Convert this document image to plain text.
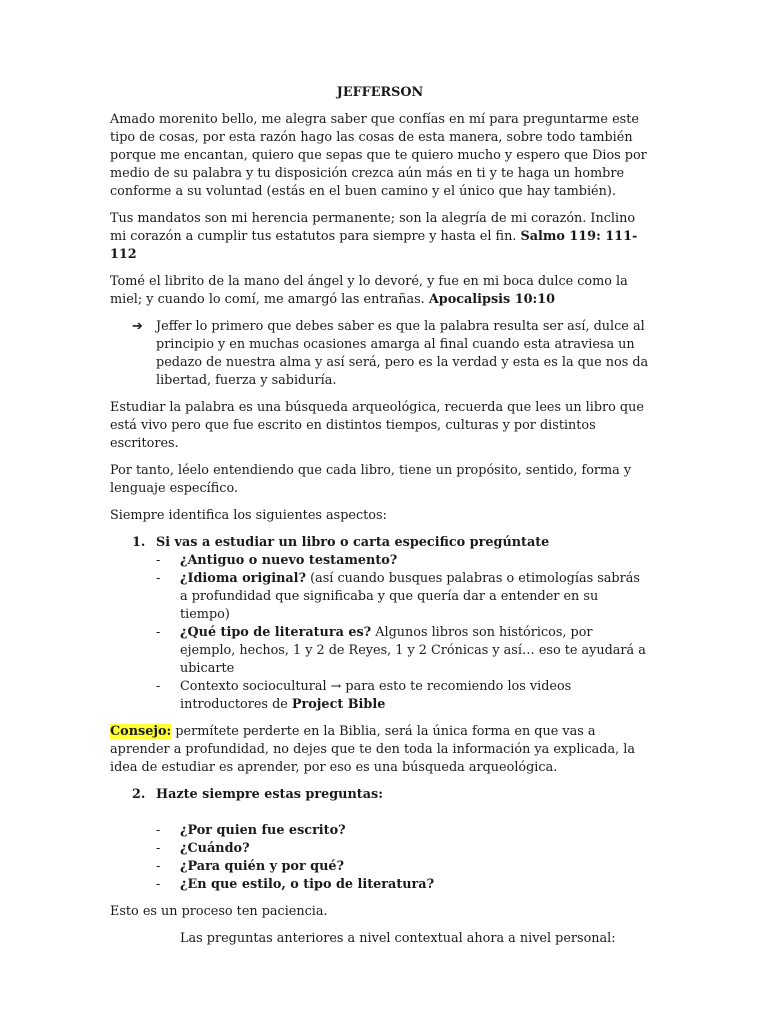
JEFFERSON

Amado morenito bello, me alegra saber que confías en mí para preguntarme este tipo de cosas, por esta razón hago las cosas de esta manera, sobre todo también porque me encantan, quiero que sepas que te quiero mucho y espero que Dios por medio de su palabra y tu disposición crezca aún más en ti y te haga un hombre conforme a su voluntad (estás en el buen camino y el único que hay también).

Tus mandatos son mi herencia permanente; son la alegría de mi corazón. Inclino mi corazón a cumplir tus estatutos para siempre y hasta el fin. Salmo 119: 111-112

Tomé el librito de la mano del ángel y lo devoré, y fue en mi boca dulce como la miel; y cuando lo comí, me amargó las entrañas. Apocalipsis 10:10

➔ Jeffer lo primero que debes saber es que la palabra resulta ser así, dulce al principio y en muchas ocasiones amarga al final cuando esta atraviesa un pedazo de nuestra alma y así será, pero es la verdad y esta es la que nos da libertad, fuerza y sabiduría.

Estudiar la palabra es una búsqueda arqueológica, recuerda que lees un libro que está vivo pero que fue escrito en distintos tiempos, culturas y por distintos escritores.

Por tanto, léelo entendiendo que cada libro, tiene un propósito, sentido, forma y lenguaje específico.

Siempre identifica los siguientes aspectos:

1. Si vas a estudiar un libro o carta especifico pregúntate
- ¿Antiguo o nuevo testamento?
- ¿Idioma original? (así cuando busques palabras o etimologías sabrás a profundidad que significaba y que quería dar a entender en su tiempo)
- ¿Qué tipo de literatura es? Algunos libros son históricos, por ejemplo, hechos, 1 y 2 de Reyes, 1 y 2 Crónicas y así… eso te ayudará a ubicarte
- Contexto sociocultural → para esto te recomiendo los videos introductores de Project Bible

Consejo: permítete perderte en la Biblia, será la única forma en que vas a aprender a profundidad, no dejes que te den toda la información ya explicada, la idea de estudiar es aprender, por eso es una búsqueda arqueológica.

2. Hazte siempre estas preguntas:
- ¿Por quien fue escrito?
- ¿Cuándo?
- ¿Para quién y por qué?
- ¿En que estilo, o tipo de literatura?

Esto es un proceso ten paciencia.

Las preguntas anteriores a nivel contextual ahora a nivel personal:
